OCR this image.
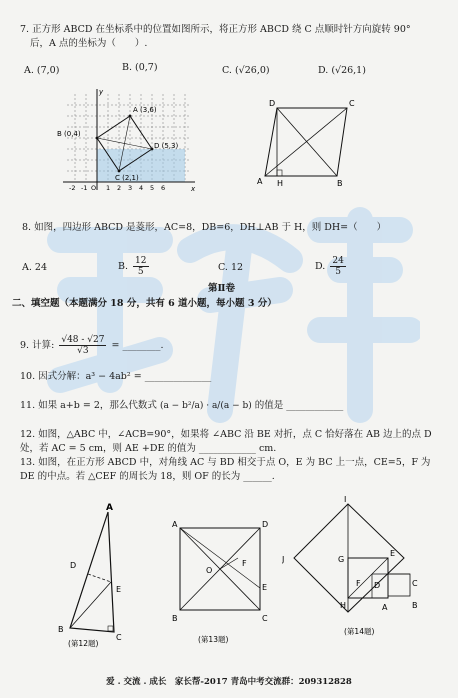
7. 正方形 ABCD 在坐标系中的位置如图所示，将正方形 ABCD 绕 C 点顺时针方向旋转 90°
后，A 点的坐标为（　　）.
A. (7,0)	B. (0,7)	C. (√26,0)	D. (√26,1)
A (3,6)
B (0,4)
C (2,1)
D (5,3)
y
x
-2 -1 O 1 2 3 4 5 6
D	C
A H	B
8. 如图，四边形 ABCD 是菱形，AC=8，DB=6，DH⊥AB 于 H，则 DH=（　　）
A. 24	B. $\frac{12}{5}$	C. 12	D. $\frac{24}{5}$
第Ⅱ卷
二、填空题（本题满分 18 分，共有 6 道小题，每小题 3 分）
9. 计算: $\frac{√48 - √27}{√3}$ = ________.
10. 因式分解：a³ − 4ab² = ______________
11. 如果 a+b = 2，那么代数式 (a − b²/a) · a/(a − b) 的值是 ____________
12. 如图，△ABC 中，∠ACB=90°，如果将 ∠ABC 沿 BE 对折，点 C 恰好落在 AB 边上的点 D
处，若 AC = 5 cm，则 AE +DE 的值为 ____________ cm.
13. 如图，在正方形 ABCD 中，对角线 AC 与 BD 相交于点 O，E 为 BC 上一点，CE=5，F 为
DE 的中点。若 △CEF 的周长为 18，则 OF 的长为 ______.
A
D
E
B
C
(第12题)
A	D
O
F
E
B	C
(第13题)
I
J	G
E
F D	C
H	A	B
(第14题)
爱 . 交流 . 成长　家长帮-2017 青岛中考交流群：209312828
